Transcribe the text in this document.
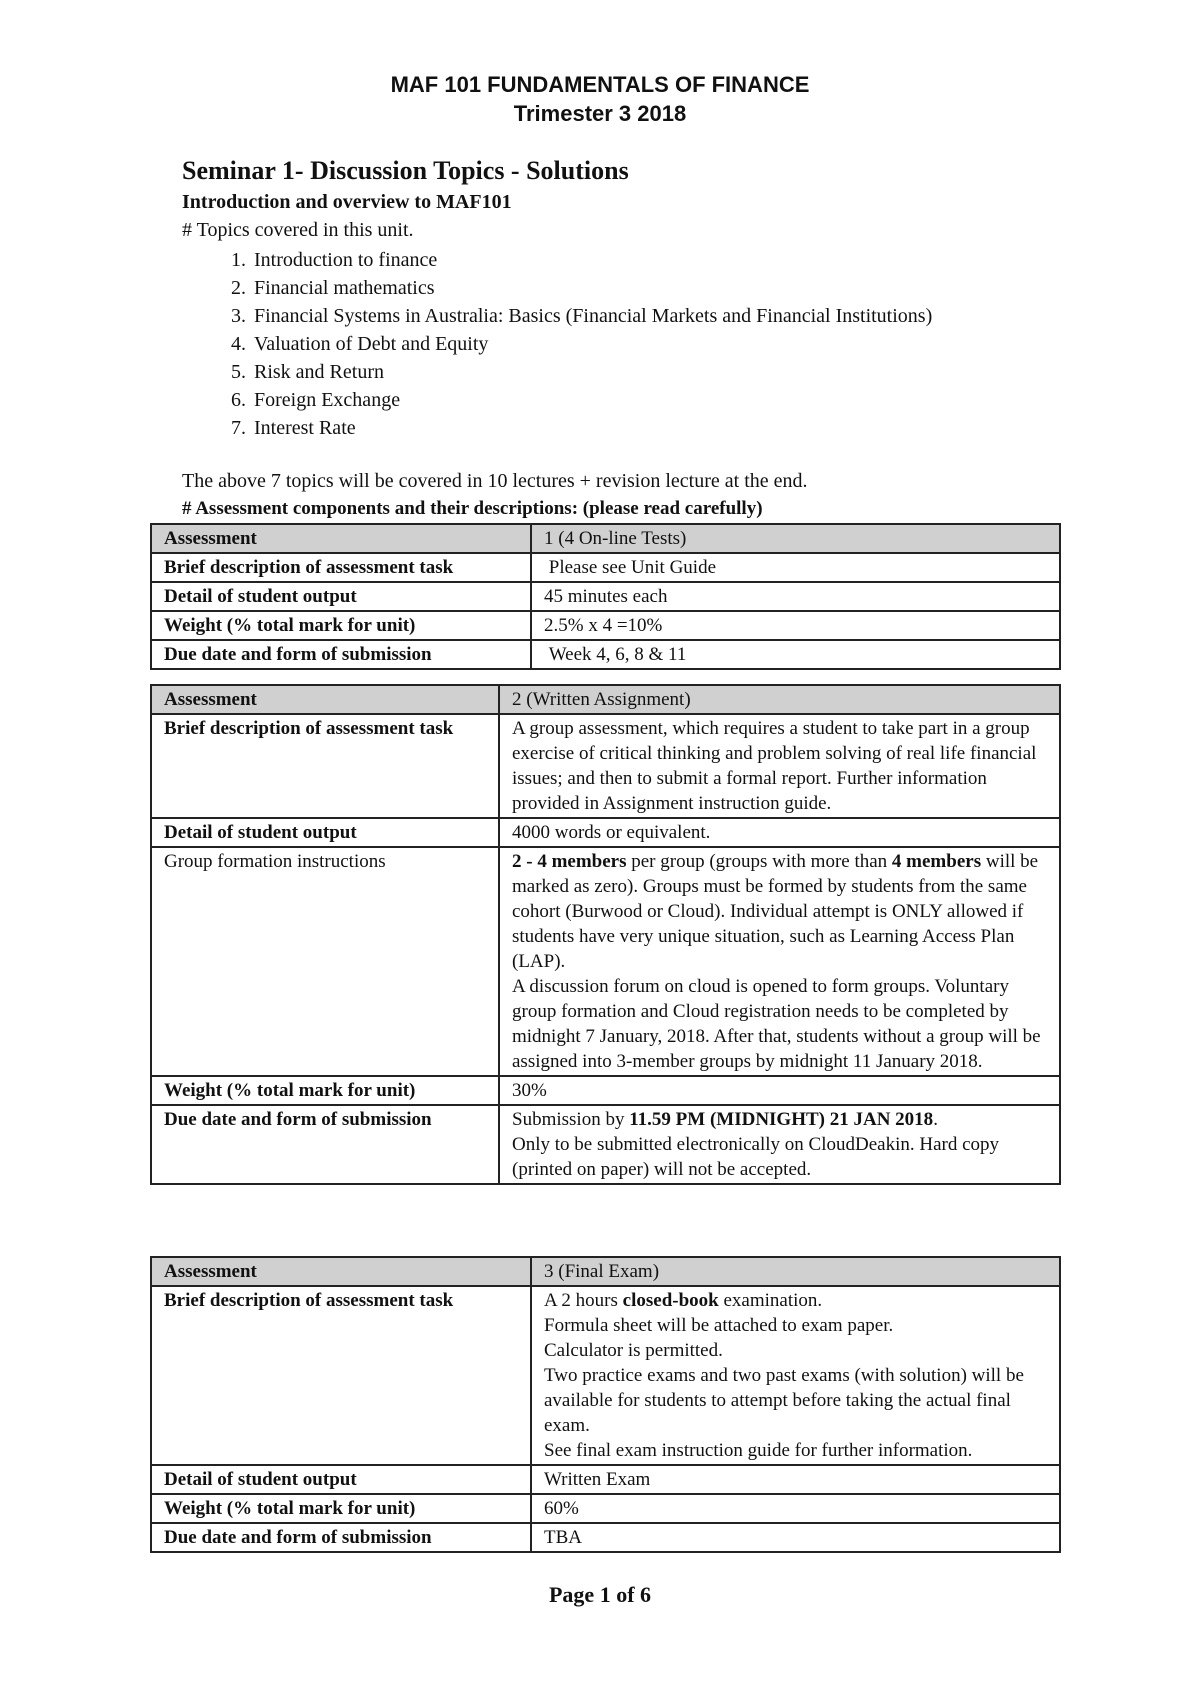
MAF 101 FUNDAMENTALS OF FINANCE
Trimester 3 2018
Seminar 1- Discussion Topics - Solutions
Introduction and overview to MAF101
# Topics covered in this unit.
1. Introduction to finance
2. Financial mathematics
3. Financial Systems in Australia: Basics (Financial Markets and Financial Institutions)
4. Valuation of Debt and Equity
5. Risk and Return
6. Foreign Exchange
7. Interest Rate
The above 7 topics will be covered in 10 lectures + revision lecture at the end.
# Assessment components and their descriptions: (please read carefully)
Assessment	1 (4 On-line Tests)
Brief description of assessment task	Please see Unit Guide
Detail of student output	45 minutes each
Weight (% total mark for unit)	2.5% x 4 =10%
Due date and form of submission	Week 4, 6, 8 & 11
Assessment	2 (Written Assignment)
Brief description of assessment task	A group assessment, which requires a student to take part in a group exercise of critical thinking and problem solving of real life financial issues; and then to submit a formal report. Further information provided in Assignment instruction guide.
Detail of student output	4000 words or equivalent.
Group formation instructions	2 - 4 members per group (groups with more than 4 members will be marked as zero). Groups must be formed by students from the same cohort (Burwood or Cloud). Individual attempt is ONLY allowed if students have very unique situation, such as Learning Access Plan (LAP).
A discussion forum on cloud is opened to form groups. Voluntary group formation and Cloud registration needs to be completed by midnight 7 January, 2018. After that, students without a group will be assigned into 3-member groups by midnight 11 January 2018.
Weight (% total mark for unit)	30%
Due date and form of submission	Submission by 11.59 PM (MIDNIGHT) 21 JAN 2018.
Only to be submitted electronically on CloudDeakin. Hard copy (printed on paper) will not be accepted.
Assessment	3 (Final Exam)
Brief description of assessment task	A 2 hours closed-book examination.
Formula sheet will be attached to exam paper.
Calculator is permitted.
Two practice exams and two past exams (with solution) will be available for students to attempt before taking the actual final exam.
See final exam instruction guide for further information.
Detail of student output	Written Exam
Weight (% total mark for unit)	60%
Due date and form of submission	TBA
Page 1 of 6
